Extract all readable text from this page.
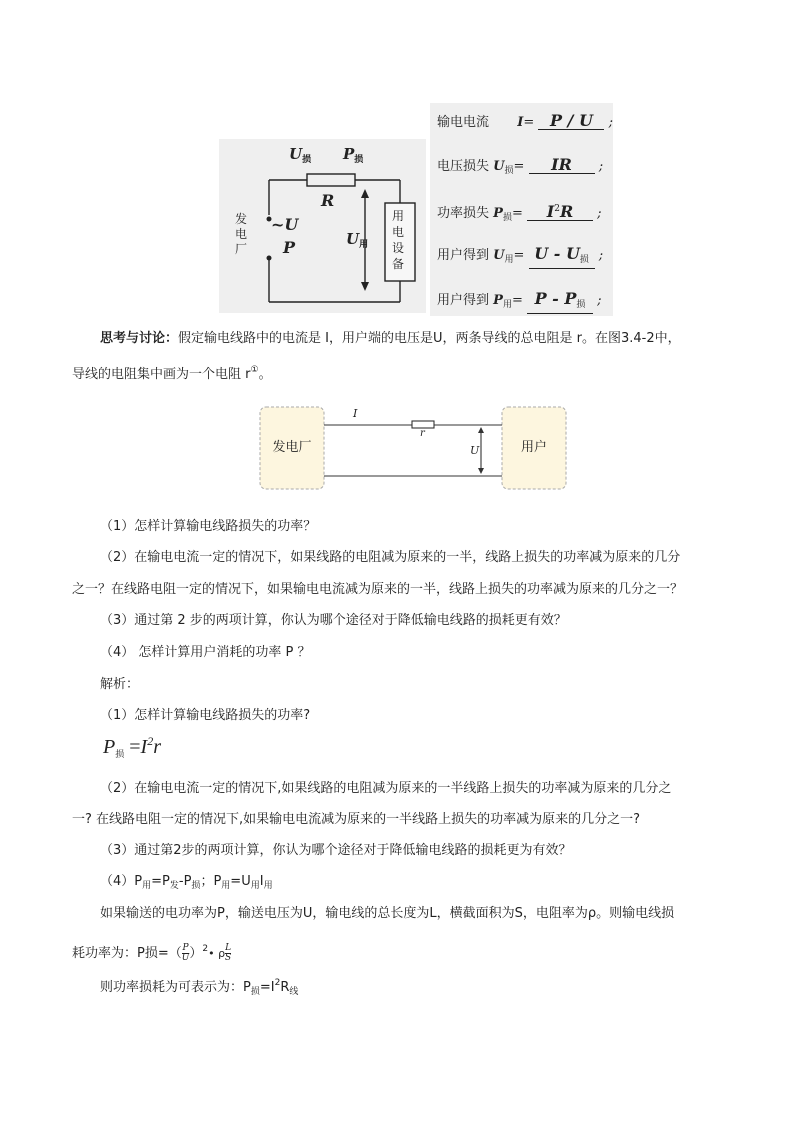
$U_损$ $P_损$
R
~U
P	$U_用$
发
电
厂
用
电
设
备
输电电流 I= P / U ;
电压损失 $U_损=$ IR ;
功率损失 $P_损= I^2R$ ;
用户得到 $U_用= U - U_损$ ;
用户得到 $P_用= P - P_损$ ;
思考与讨论：假定输电线路中的电流是 I，用户端的电压是U，两条导线的总电阻是 r。在图3.4-2中，
导线的电阻集中画为一个电阻 r①。
发电厂	用户
I
r
U
（1）怎样计算输电线路损失的功率？
（2）在输电电流一定的情况下，如果线路的电阻减为原来的一半，线路上损失的功率减为原来的几分
之一？在线路电阻一定的情况下，如果输电电流减为原来的一半，线路上损失的功率减为原来的几分之一？
（3）通过第 2 步的两项计算，你认为哪个途径对于降低输电线路的损耗更有效？
（4） 怎样计算用户消耗的功率 P ？
解析：
（1）怎样计算输电线路损失的功率?
$P_损 =I^2r$
（2）在输电电流一定的情况下,如果线路的电阻减为原来的一半线路上损失的功率减为原来的几分之
一? 在线路电阻一定的情况下,如果输电电流减为原来的一半线路上损失的功率减为原来的几分之一?
（3）通过第2步的两项计算，你认为哪个途径对于降低输电线路的损耗更为有效？
$(4)P_用=P_发-P_损$；$P_用=U_用I_用$
如果输送的电功率为P，输送电压为U，输电线的总长度为L，横截面积为S，电阻率为ρ。则输电线损
耗功率为：P损=（ $\frac{P}{U}$ ）$^2$• ρ $\frac{L}{S}$
则功率损耗为可表示为：$P_损=I^2R_线$
